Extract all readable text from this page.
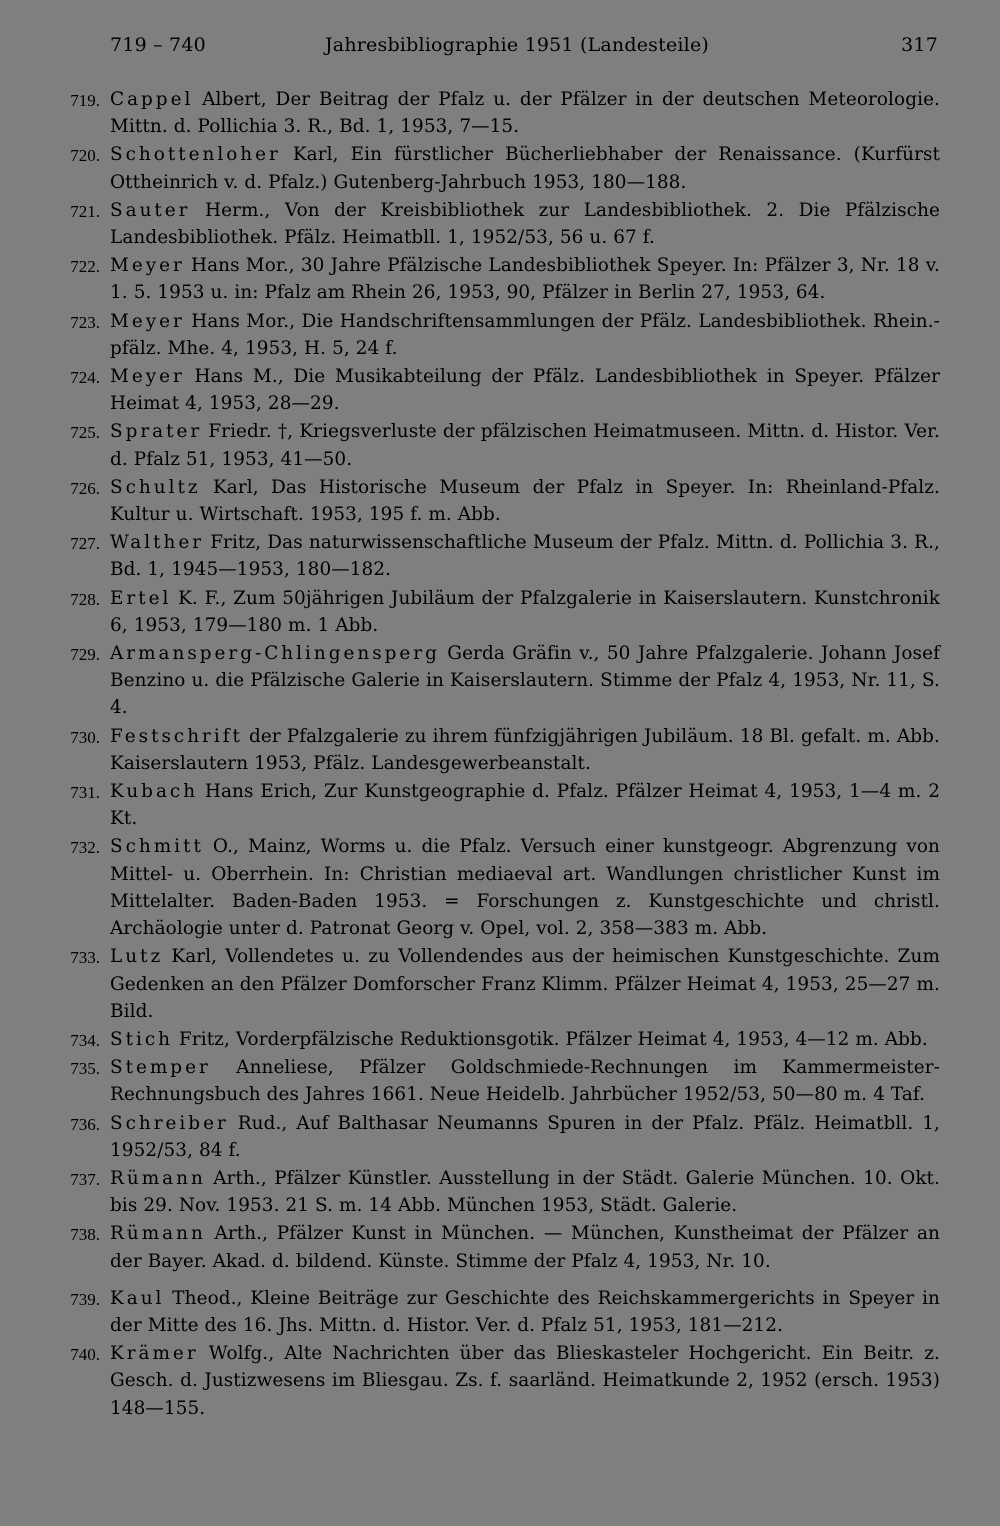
719 – 740	Jahresbibliographie 1951 (Landesteile)	317
719. Cappel Albert, Der Beitrag der Pfalz u. der Pfälzer in der deutschen Meteorologie. Mittn. d. Pollichia 3. R., Bd. 1, 1953, 7—15.
720. Schottenloher Karl, Ein fürstlicher Bücherliebhaber der Renaissance. (Kurfürst Ottheinrich v. d. Pfalz.) Gutenberg-Jahrbuch 1953, 180—188.
721. Sauter Herm., Von der Kreisbibliothek zur Landesbibliothek. 2. Die Pfälzische Landesbibliothek. Pfälz. Heimatbll. 1, 1952/53, 56 u. 67 f.
722. Meyer Hans Mor., 30 Jahre Pfälzische Landesbibliothek Speyer. In: Pfälzer 3, Nr. 18 v. 1. 5. 1953 u. in: Pfalz am Rhein 26, 1953, 90, Pfälzer in Berlin 27, 1953, 64.
723. Meyer Hans Mor., Die Handschriftensammlungen der Pfälz. Landesbibliothek. Rhein.-pfälz. Mhe. 4, 1953, H. 5, 24 f.
724. Meyer Hans M., Die Musikabteilung der Pfälz. Landesbibliothek in Speyer. Pfälzer Heimat 4, 1953, 28—29.
725. Sprater Friedr. †, Kriegsverluste der pfälzischen Heimatmuseen. Mittn. d. Histor. Ver. d. Pfalz 51, 1953, 41—50.
726. Schultz Karl, Das Historische Museum der Pfalz in Speyer. In: Rheinland-Pfalz. Kultur u. Wirtschaft. 1953, 195 f. m. Abb.
727. Walther Fritz, Das naturwissenschaftliche Museum der Pfalz. Mittn. d. Pollichia 3. R., Bd. 1, 1945—1953, 180—182.
728. Ertel K. F., Zum 50jährigen Jubiläum der Pfalzgalerie in Kaiserslautern. Kunstchronik 6, 1953, 179—180 m. 1 Abb.
729. Armansperg-Chlingensperg Gerda Gräfin v., 50 Jahre Pfalzgalerie. Johann Josef Benzino u. die Pfälzische Galerie in Kaiserslautern. Stimme der Pfalz 4, 1953, Nr. 11, S. 4.
730. Festschrift der Pfalzgalerie zu ihrem fünfzigjährigen Jubiläum. 18 Bl. gefalt. m. Abb. Kaiserslautern 1953, Pfälz. Landesgewerbeanstalt.
731. Kubach Hans Erich, Zur Kunstgeographie d. Pfalz. Pfälzer Heimat 4, 1953, 1—4 m. 2 Kt.
732. Schmitt O., Mainz, Worms u. die Pfalz. Versuch einer kunstgeogr. Abgrenzung von Mittel- u. Oberrhein. In: Christian mediaeval art. Wandlungen christlicher Kunst im Mittelalter. Baden-Baden 1953. = Forschungen z. Kunstgeschichte und christl. Archäologie unter d. Patronat Georg v. Opel, vol. 2, 358—383 m. Abb.
733. Lutz Karl, Vollendetes u. zu Vollendendes aus der heimischen Kunstgeschichte. Zum Gedenken an den Pfälzer Domforscher Franz Klimm. Pfälzer Heimat 4, 1953, 25—27 m. Bild.
734. Stich Fritz, Vorderpfälzische Reduktionsgotik. Pfälzer Heimat 4, 1953, 4—12 m. Abb.
735. Stemper Anneliese, Pfälzer Goldschmiede-Rechnungen im Kammermeister-Rechnungsbuch des Jahres 1661. Neue Heidelb. Jahrbücher 1952/53, 50—80 m. 4 Taf.
736. Schreiber Rud., Auf Balthasar Neumanns Spuren in der Pfalz. Pfälz. Heimatbll. 1, 1952/53, 84 f.
737. Rümann Arth., Pfälzer Künstler. Ausstellung in der Städt. Galerie München. 10. Okt. bis 29. Nov. 1953. 21 S. m. 14 Abb. München 1953, Städt. Galerie.
738. Rümann Arth., Pfälzer Kunst in München. — München, Kunstheimat der Pfälzer an der Bayer. Akad. d. bildend. Künste. Stimme der Pfalz 4, 1953, Nr. 10.
739. Kaul Theod., Kleine Beiträge zur Geschichte des Reichskammergerichts in Speyer in der Mitte des 16. Jhs. Mittn. d. Histor. Ver. d. Pfalz 51, 1953, 181—212.
740. Krämer Wolfg., Alte Nachrichten über das Blieskasteler Hochgericht. Ein Beitr. z. Gesch. d. Justizwesens im Bliesgau. Zs. f. saarländ. Heimatkunde 2, 1952 (ersch. 1953) 148—155.
